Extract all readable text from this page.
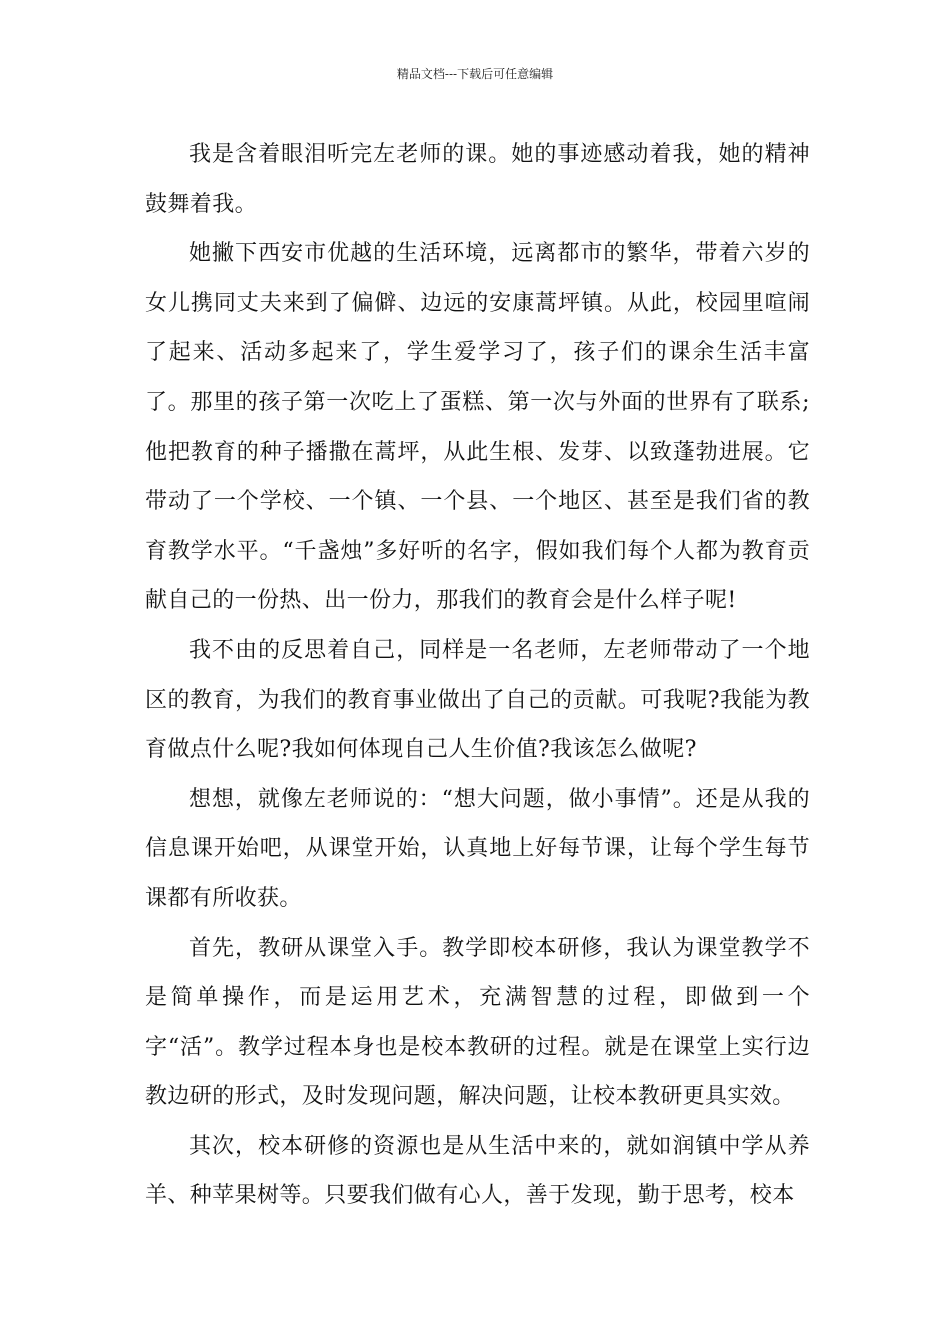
精品文档---下载后可任意编辑

我是含着眼泪听完左老师的课。她的事迹感动着我，她的精神鼓舞着我。

她撇下西安市优越的生活环境，远离都市的繁华，带着六岁的女儿携同丈夫来到了偏僻、边远的安康蒿坪镇。从此，校园里喧闹了起来、活动多起来了，学生爱学习了，孩子们的课余生活丰富了。那里的孩子第一次吃上了蛋糕、第一次与外面的世界有了联系;他把教育的种子播撒在蒿坪，从此生根、发芽、以致蓬勃进展。它带动了一个学校、一个镇、一个县、一个地区、甚至是我们省的教育教学水平。“千盏烛”多好听的名字，假如我们每个人都为教育贡献自己的一份热、出一份力，那我们的教育会是什么样子呢!

我不由的反思着自己，同样是一名老师，左老师带动了一个地区的教育，为我们的教育事业做出了自己的贡献。可我呢?我能为教育做点什么呢?我如何体现自己人生价值?我该怎么做呢?

想想，就像左老师说的：“想大问题，做小事情”。还是从我的信息课开始吧，从课堂开始，认真地上好每节课，让每个学生每节课都有所收获。

首先，教研从课堂入手。教学即校本研修，我认为课堂教学不是简单操作，而是运用艺术，充满智慧的过程，即做到一个字“活”。教学过程本身也是校本教研的过程。就是在课堂上实行边教边研的形式，及时发现问题，解决问题，让校本教研更具实效。

其次，校本研修的资源也是从生活中来的，就如润镇中学从养羊、种苹果树等。只要我们做有心人，善于发现，勤于思考，校本
